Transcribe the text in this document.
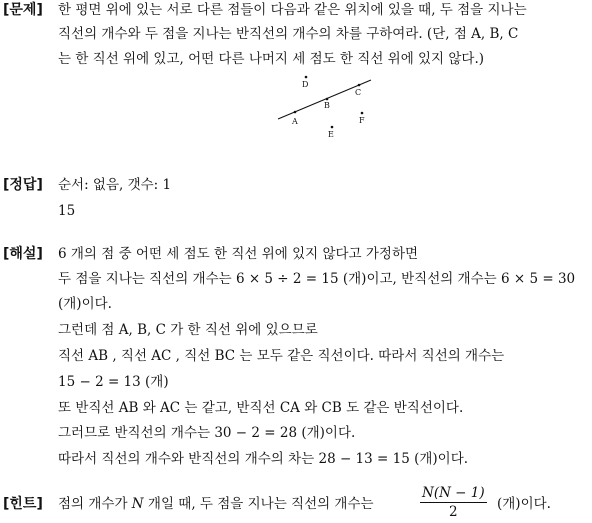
[문제] 한 평면 위에 있는 서로 다른 점들이 다음과 같은 위치에 있을 때, 두 점을 지나는
직선의 개수와 두 점을 지나는 반직선의 개수의 차를 구하여라. (단, 점 A, B, C
는 한 직선 위에 있고, 어떤 다른 나머지 세 점도 한 직선 위에 있지 않다.)
A
B
C
D
E
F
[정답] 순서: 없음, 갯수: 1
15
[해설] 6 개의 점 중 어떤 세 점도 한 직선 위에 있지 않다고 가정하면
두 점을 지나는 직선의 개수는 6 × 5 ÷ 2 = 15 (개)이고, 반직선의 개수는 6 × 5 = 30
(개)이다.
그런데 점 A, B, C 가 한 직선 위에 있으므로
직선 AB , 직선 AC , 직선 BC 는 모두 같은 직선이다. 따라서 직선의 개수는
15 − 2 = 13 (개)
또 반직선 AB 와 AC 는 같고, 반직선 CA 와 CB 도 같은 반직선이다.
그러므로 반직선의 개수는 30 − 2 = 28 (개)이다.
따라서 직선의 개수와 반직선의 개수의 차는 28 − 13 = 15 (개)이다.
[힌트] 점의 개수가 N 개일 때, 두 점을 지나는 직선의 개수는
N(N − 1)
2	(개)이다.
